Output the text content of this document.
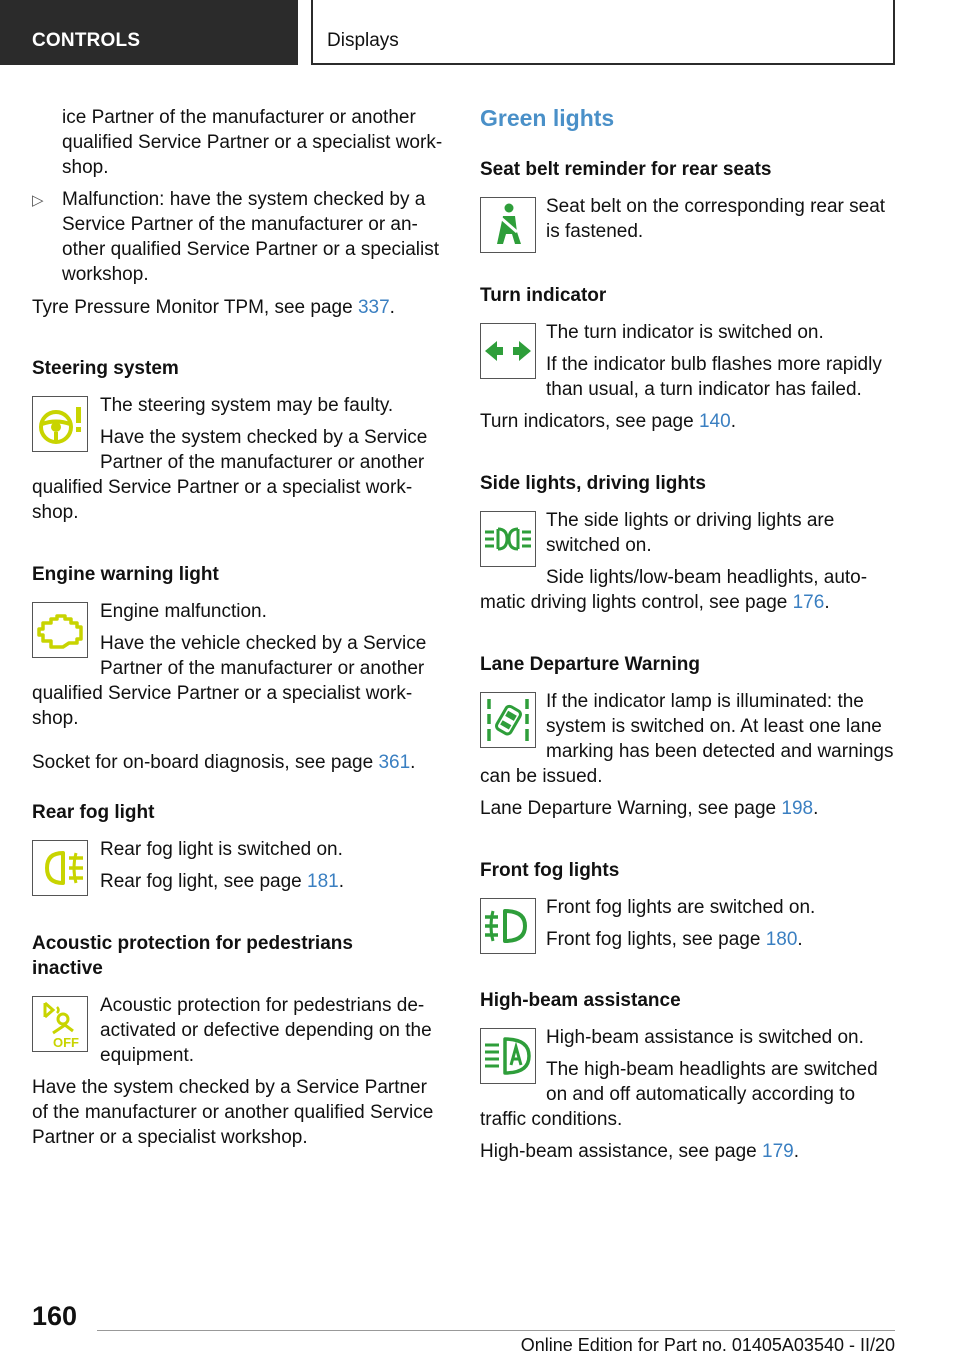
CONTROLS	Displays
ice Partner of the manufacturer or another
qualified Service Partner or a specialist work-
shop.
▷ Malfunction: have the system checked by a
Service Partner of the manufacturer or an-
other qualified Service Partner or a specialist
workshop.
Tyre Pressure Monitor TPM, see page 337.
Steering system
The steering system may be faulty.
Have the system checked by a Service
Partner of the manufacturer or another
qualified Service Partner or a specialist work-
shop.
Engine warning light
Engine malfunction.
Have the vehicle checked by a Service
Partner of the manufacturer or another
qualified Service Partner or a specialist work-
shop.
Socket for on-board diagnosis, see page 361.
Rear fog light
Rear fog light is switched on.
Rear fog light, see page 181.
Acoustic protection for pedestrians
inactive
OFF
Acoustic protection for pedestrians de-
activated or defective depending on the
equipment.
Have the system checked by a Service Partner
of the manufacturer or another qualified Service
Partner or a specialist workshop.
Green lights
Seat belt reminder for rear seats
Seat belt on the corresponding rear seat
is fastened.
Turn indicator
The turn indicator is switched on.
If the indicator bulb flashes more rapidly
than usual, a turn indicator has failed.
Turn indicators, see page 140.
Side lights, driving lights
The side lights or driving lights are
switched on.
Side lights/low-beam headlights, auto-
matic driving lights control, see page 176.
Lane Departure Warning
If the indicator lamp is illuminated: the
system is switched on. At least one lane
marking has been detected and warnings
can be issued.
Lane Departure Warning, see page 198.
Front fog lights
Front fog lights are switched on.
Front fog lights, see page 180.
High-beam assistance
High-beam assistance is switched on.
The high-beam headlights are switched
on and off automatically according to
traffic conditions.
High-beam assistance, see page 179.
160
Online Edition for Part no. 01405A03540 - II/20
